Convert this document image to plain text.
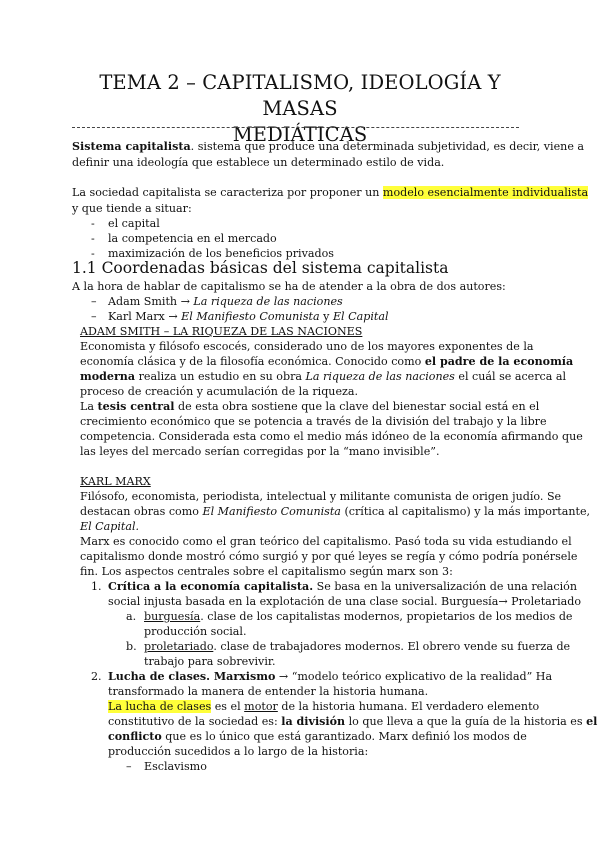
TEMA 2 – CAPITALISMO, IDEOLOGÍA Y MASAS
MEDIÁTICAS
Sistema capitalista. sistema que produce una determinada subjetividad, es decir, viene a
definir una ideología que establece un determinado estilo de vida.
La sociedad capitalista se caracteriza por proponer un modelo esencialmente individualista
y que tiende a situar:
- el capital
- la competencia en el mercado
- maximización de los beneficios privados
1.1 Coordenadas básicas del sistema capitalista
A la hora de hablar de capitalismo se ha de atender a la obra de dos autores:
– Adam Smith → La riqueza de las naciones
– Karl Marx → El Manifiesto Comunista y El Capital
ADAM SMITH – LA RIQUEZA DE LAS NACIONES
Economista y filósofo escocés, considerado uno de los mayores exponentes de la
economía clásica y de la filosofía económica. Conocido como el padre de la economía
moderna realiza un estudio en su obra La riqueza de las naciones el cuál se acerca al
proceso de creación y acumulación de la riqueza.
La tesis central de esta obra sostiene que la clave del bienestar social está en el
crecimiento económico que se potencia a través de la división del trabajo y la libre
competencia. Considerada esta como el medio más idóneo de la economía afirmando que
las leyes del mercado serían corregidas por la “mano invisible”.
KARL MARX
Filósofo, economista, periodista, intelectual y militante comunista de origen judío. Se
destacan obras como El Manifiesto Comunista (crítica al capitalismo) y la más importante,
El Capital.
Marx es conocido como el gran teórico del capitalismo. Pasó toda su vida estudiando el
capitalismo donde mostró cómo surgió y por qué leyes se regía y cómo podría ponérsele
fin. Los aspectos centrales sobre el capitalismo según marx son 3:
1. Crítica a la economía capitalista. Se basa en la universalización de una relación
social injusta basada en la explotación de una clase social. Burguesía→ Proletariado
a. burguesía. clase de los capitalistas modernos, propietarios de los medios de
producción social.
b. proletariado. clase de trabajadores modernos. El obrero vende su fuerza de
trabajo para sobrevivir.
2. Lucha de clases. Marxismo → “modelo teórico explicativo de la realidad” Ha
transformado la manera de entender la historia humana.
La lucha de clases es el motor de la historia humana. El verdadero elemento
constitutivo de la sociedad es: la división lo que lleva a que la guía de la historia es el
conflicto que es lo único que está garantizado. Marx definió los modos de
producción sucedidos a lo largo de la historia:
– Esclavismo
